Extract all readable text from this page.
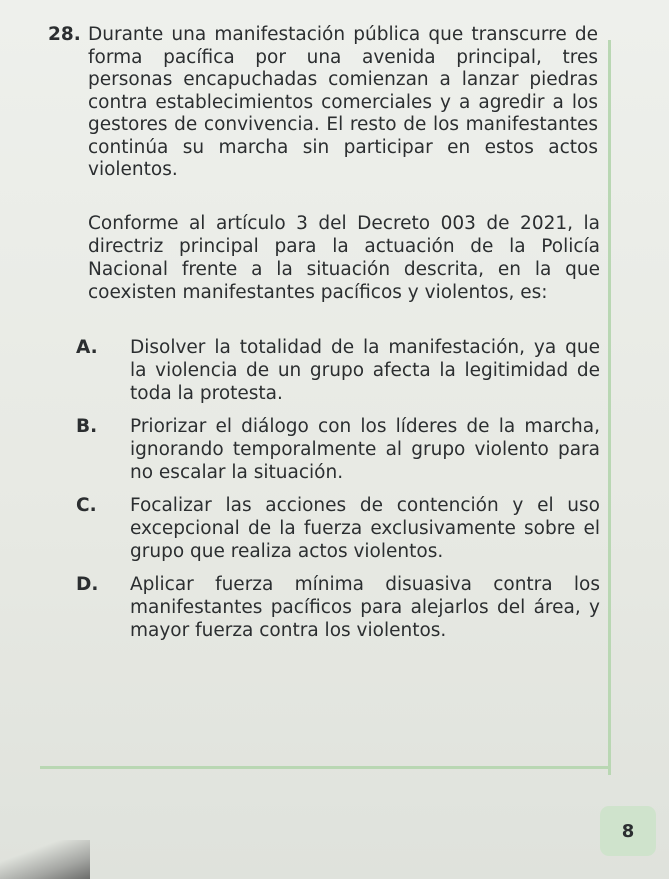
28. Durante una manifestación pública que transcurre de forma pacífica por una avenida principal, tres personas encapuchadas comienzan a lanzar piedras contra establecimientos comerciales y a agredir a los gestores de convivencia. El resto de los manifestantes continúa su marcha sin participar en estos actos violentos.
Conforme al artículo 3 del Decreto 003 de 2021, la directriz principal para la actuación de la Policía Nacional frente a la situación descrita, en la que coexisten manifestantes pacíficos y violentos, es:
A.	Disolver la totalidad de la manifestación, ya que la violencia de un grupo afecta la legitimidad de toda la protesta.
B.	Priorizar el diálogo con los líderes de la marcha, ignorando temporalmente al grupo violento para no escalar la situación.
C.	Focalizar las acciones de contención y el uso excepcional de la fuerza exclusivamente sobre el grupo que realiza actos violentos.
D.	Aplicar fuerza mínima disuasiva contra los manifestantes pacíficos para alejarlos del área, y mayor fuerza contra los violentos.
8
